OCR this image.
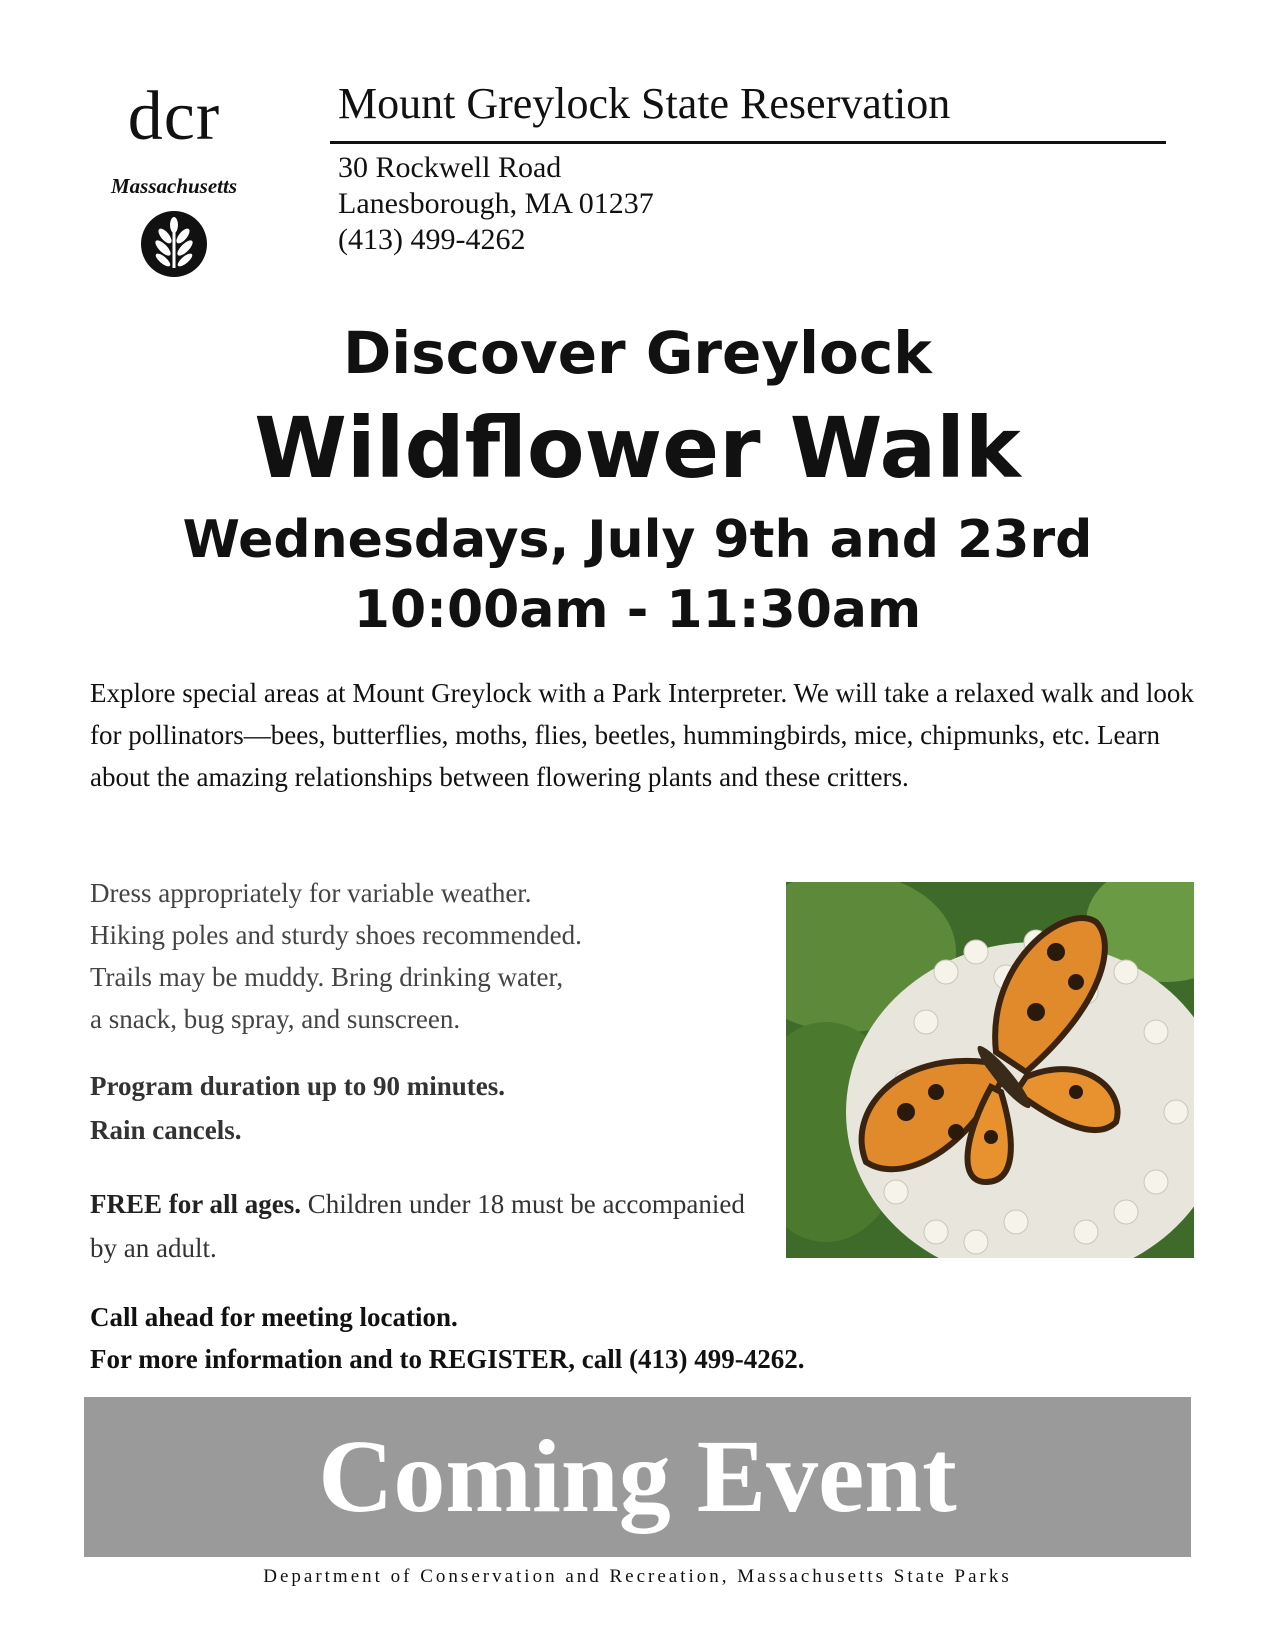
dcr
Massachusetts
Mount Greylock State Reservation
30 Rockwell Road
Lanesborough, MA 01237
(413) 499-4262
Discover Greylock
Wildflower Walk
Wednesdays, July 9th and 23rd
10:00am - 11:30am
Explore special areas at Mount Greylock with a Park Interpreter. We will take a relaxed walk and look for pollinators—bees, butterflies, moths, flies, beetles, hummingbirds, mice, chipmunks, etc. Learn about the amazing relationships between flowering plants and these critters.
Dress appropriately for variable weather.
Hiking poles and sturdy shoes recommended.
Trails may be muddy. Bring drinking water,
a snack, bug spray, and sunscreen.
Program duration up to 90 minutes.
Rain cancels.
FREE for all ages. Children under 18 must be accompanied by an adult.
Call ahead for meeting location.
For more information and to REGISTER, call (413) 499-4262.
Coming Event
Department of Conservation and Recreation, Massachusetts State Parks
